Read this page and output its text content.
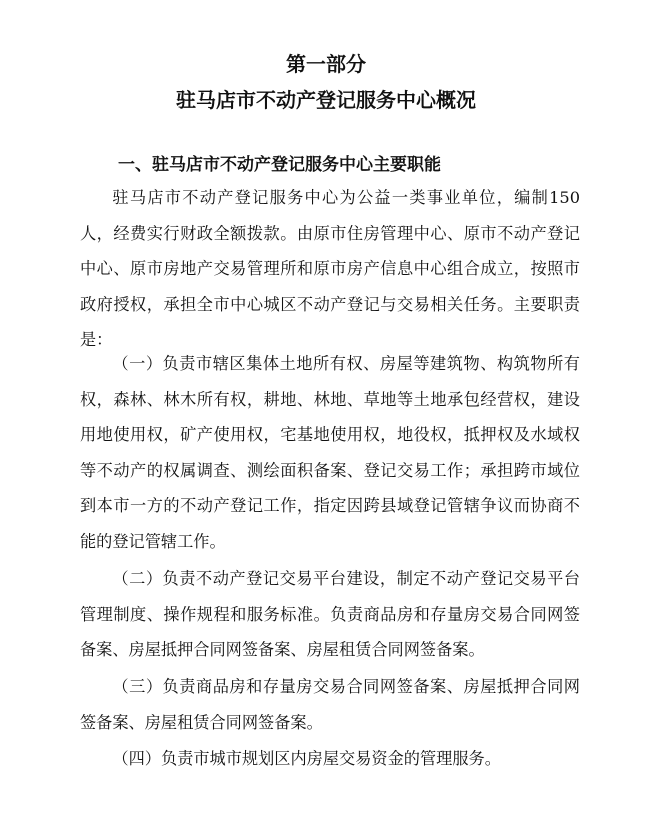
第一部分
驻马店市不动产登记服务中心概况
一、驻马店市不动产登记服务中心主要职能

驻马店市不动产登记服务中心为公益一类事业单位，编制150人，经费实行财政全额拨款。由原市住房管理中心、原市不动产登记中心、原市房地产交易管理所和原市房产信息中心组合成立，按照市政府授权，承担全市中心城区不动产登记与交易相关任务。主要职责是：

（一）负责市辖区集体土地所有权、房屋等建筑物、构筑物所有权，森林、林木所有权，耕地、林地、草地等土地承包经营权，建设用地使用权，矿产使用权，宅基地使用权，地役权，抵押权及水域权等不动产的权属调查、测绘面积备案、登记交易工作；承担跨市域位到本市一方的不动产登记工作，指定因跨县域登记管辖争议而协商不能的登记管辖工作。

（二）负责不动产登记交易平台建设，制定不动产登记交易平台管理制度、操作规程和服务标准。负责商品房和存量房交易合同网签备案、房屋抵押合同网签备案、房屋租赁合同网签备案。

（三）负责商品房和存量房交易合同网签备案、房屋抵押合同网签备案、房屋租赁合同网签备案。

（四）负责市城市规划区内房屋交易资金的管理服务。
